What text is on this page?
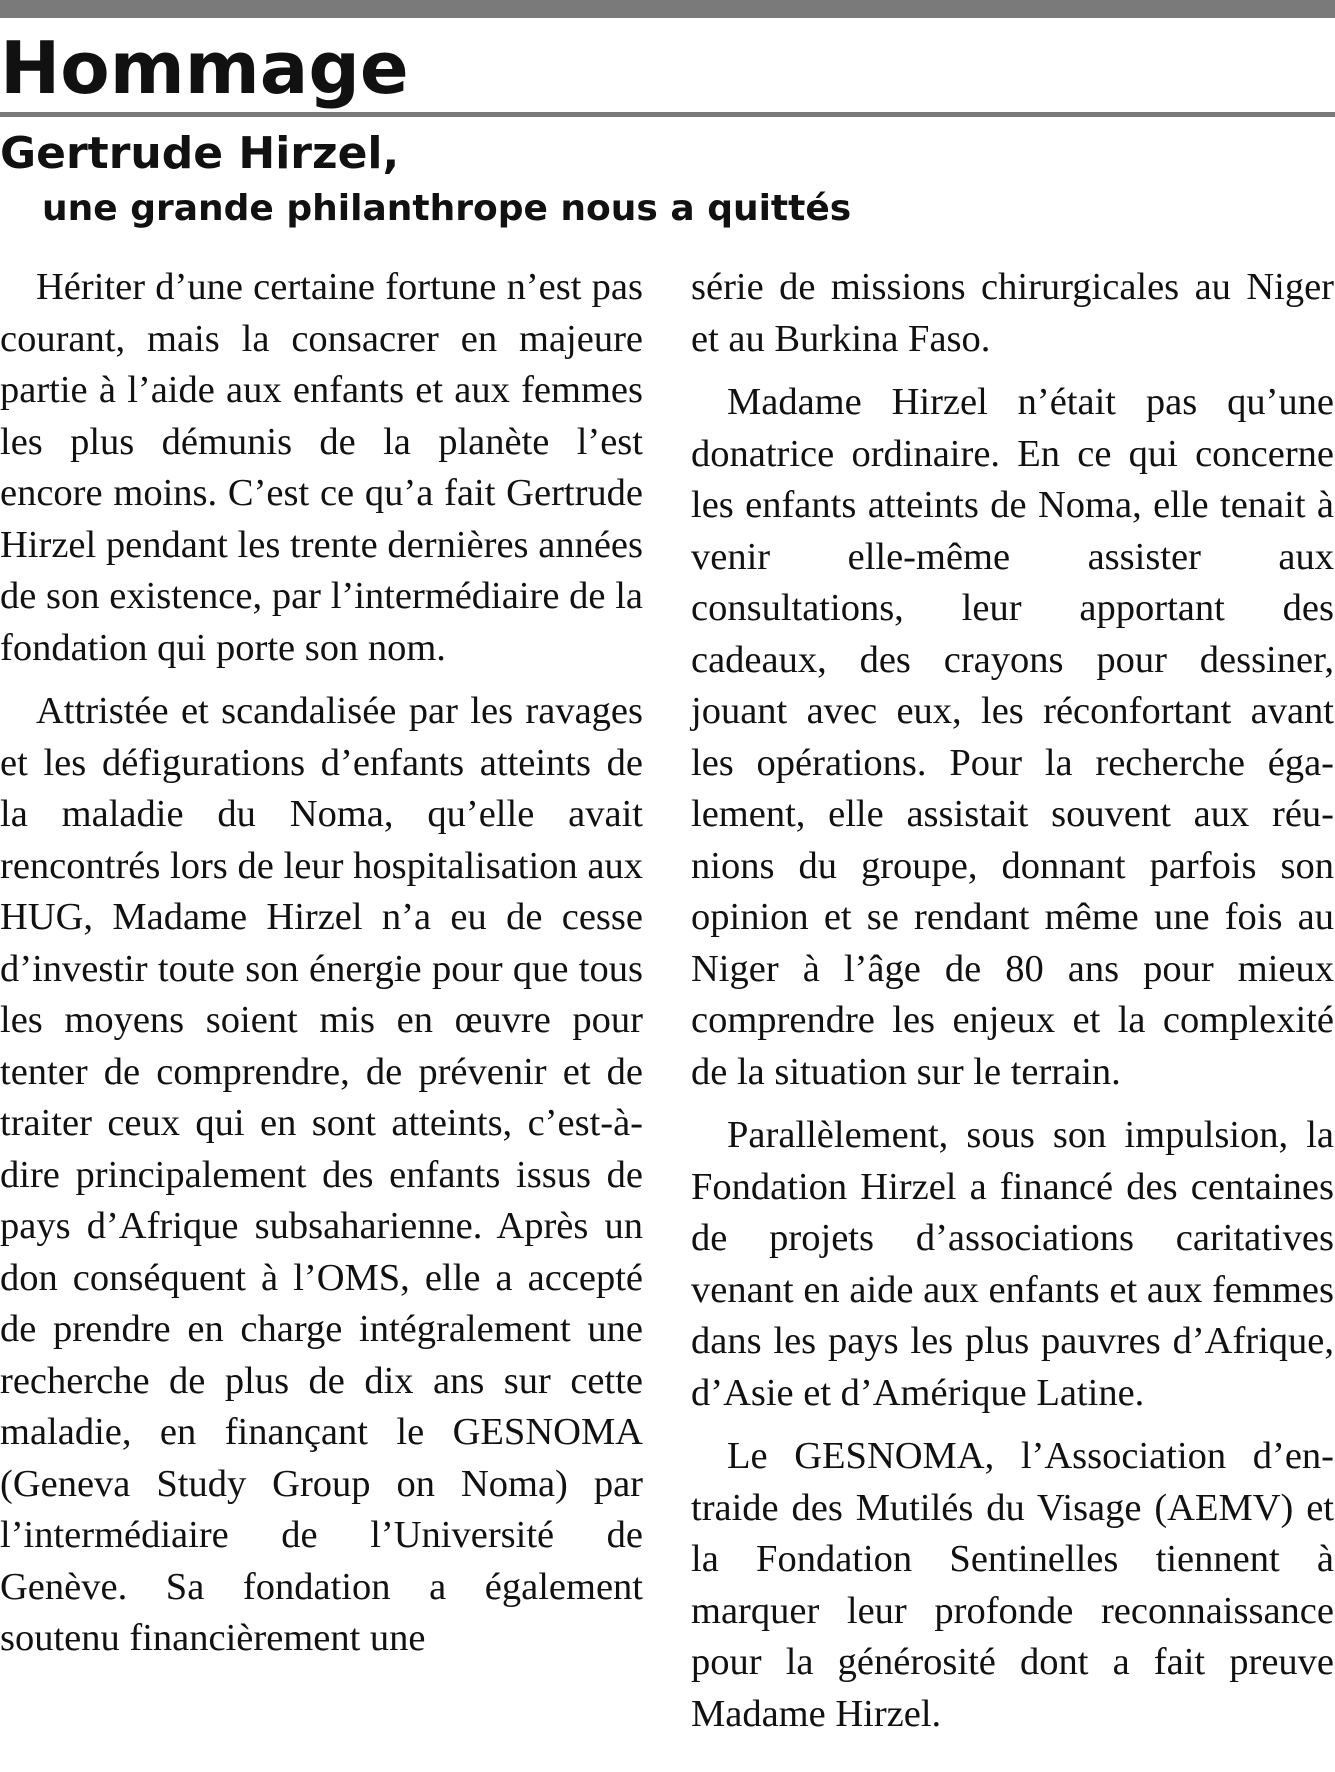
Hommage
Gertrude Hirzel,
une grande philanthrope nous a quittés

Hériter d’une certaine fortune n’est pas courant, mais la consacrer en majeure partie à l’aide aux enfants et aux femmes les plus démunis de la planète l’est encore moins. C’est ce qu’a fait Gertrude Hirzel pendant les trente dernières années de son existence, par l’intermédiaire de la fondation qui porte son nom.

Attristée et scandalisée par les ravages et les défigurations d’enfants atteints de la maladie du Noma, qu’elle avait rencontrés lors de leur hospitalisation aux HUG, Madame Hirzel n’a eu de cesse d’investir toute son énergie pour que tous les moyens soient mis en œuvre pour tenter de comprendre, de prévenir et de traiter ceux qui en sont atteints, c’est-à-dire principalement des enfants issus de pays d’Afrique subsaharienne. Après un don conséquent à l’OMS, elle a accepté de prendre en charge intégralement une recherche de plus de dix ans sur cette maladie, en finançant le GESNOMA (Geneva Study Group on Noma) par l’intermédiaire de l’Université de Genève. Sa fondation a également soutenu financièrement une

série de missions chirurgicales au Niger et au Burkina Faso.

Madame Hirzel n’était pas qu’une donatrice ordinaire. En ce qui concerne les enfants atteints de Noma, elle tenait à venir elle-même assister aux consultations, leur apportant des cadeaux, des crayons pour dessiner, jouant avec eux, les réconfortant avant les opérations. Pour la recherche également, elle assistait souvent aux réunions du groupe, donnant parfois son opinion et se rendant même une fois au Niger à l’âge de 80 ans pour mieux comprendre les enjeux et la complexité de la situation sur le terrain.

Parallèlement, sous son impulsion, la Fondation Hirzel a financé des centaines de projets d’associations caritatives venant en aide aux enfants et aux femmes dans les pays les plus pauvres d’Afrique, d’Asie et d’Amérique Latine.

Le GESNOMA, l’Association d’entraide des Mutilés du Visage (AEMV) et la Fondation Sentinelles tiennent à marquer leur profonde reconnaissance pour la générosité dont a fait preuve Madame Hirzel.
